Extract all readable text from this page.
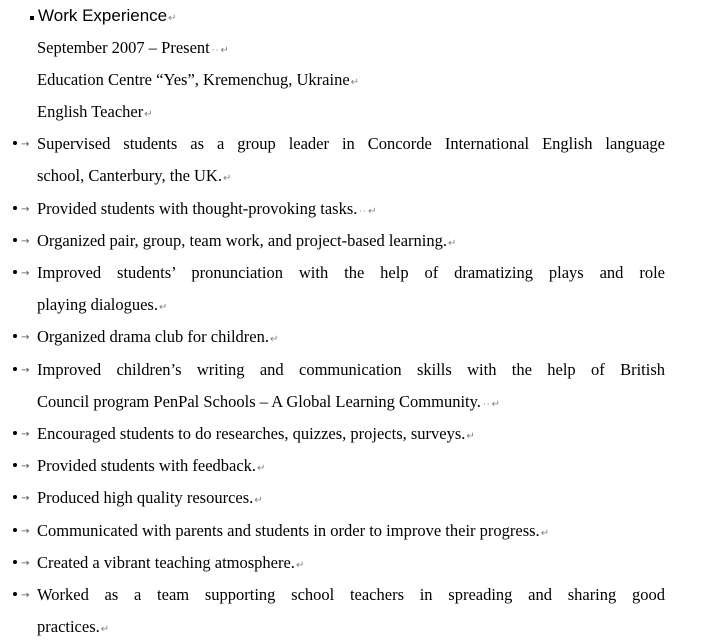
Work Experience↵
September 2007 – Present ··↵
Education Centre “Yes”, Kremenchug, Ukraine↵
English Teacher↵
→ Supervised students as a group leader in Concorde International English language
school, Canterbury, the UK.↵
→ Provided students with thought-provoking tasks. ··↵
→ Organized pair, group, team work, and project-based learning.↵
→ Improved students’ pronunciation with the help of dramatizing plays and role
playing dialogues.↵
→ Organized drama club for children.↵
→ Improved children’s writing and communication skills with the help of British
Council program PenPal Schools – A Global Learning Community. ··↵
→ Encouraged students to do researches, quizzes, projects, surveys.↵
→ Provided students with feedback.↵
→ Produced high quality resources.↵
→ Communicated with parents and students in order to improve their progress.↵
→ Created a vibrant teaching atmosphere.↵
→ Worked as a team supporting school teachers in spreading and sharing good
practices.↵
